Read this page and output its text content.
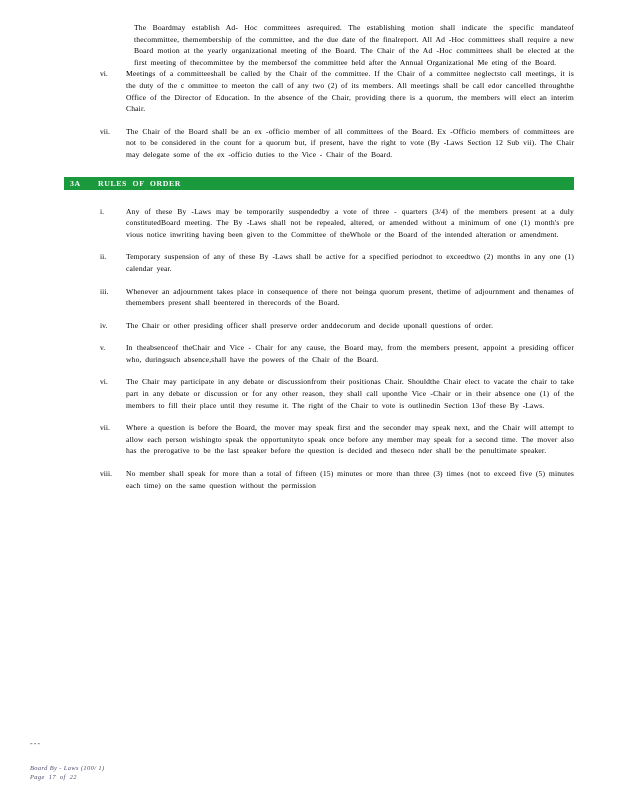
The Boardmay establish Ad- Hoc committees asrequired. The establishing motion shall indicate the specific mandateof thecommittee, themembership of the committee, and the due date of the finalreport. All Ad -Hoc committees shall require a new Board motion at the yearly organizational meeting of the Board. The Chair of the Ad -Hoc committees shall be elected at the first meeting of thecommittee by the membersof the committee held after the Annual Organizational Me eting of the Board.
vi.	Meetings of a committeeshall be called by the Chair of the committee. If the Chair of a committee neglectsto call meetings, it is the duty of the c ommittee to meeton the call of any two (2) of its members. All meetings shall be call edor cancelled throughthe Office of the Director of Education. In the absence of the Chair, providing there is a quorum, the members will elect an interim Chair.
vii.	The Chair of the Board shall be an ex -officio member of all committees of the Board. Ex -Officio members of committees are not to be considered in the count for a quorum but, if present, have the right to vote (By -Laws Section 12 Sub vii). The Chair may delegate some of the ex -officio duties to the Vice - Chair of the Board.
3A	RULES OF ORDER
i.	Any of these By -Laws may be temporarily suspendedby a vote of three - quarters (3/4) of the members present at a duly constitutedBoard meeting. The By -Laws shall not be repealed, altered, or amended without a minimum of one (1) month's pre vious notice inwriting having been given to the Committee of theWhole or the Board of the intended alteration or amendment.
ii.	Temporary suspension of any of these By -Laws shall be active for a specified periodnot to exceedtwo (2) months in any one (1) calendar year.
iii.	Whenever an adjournment takes place in consequence of there not beinga quorum present, thetime of adjournment and thenames of themembers present shall beentered in therecords of the Board.
iv.	The Chair or other presiding officer shall preserve order anddecorum and decide uponall questions of order.
v.	In theabsenceof theChair and Vice - Chair for any cause, the Board may, from the members present, appoint a presiding officer who, duringsuch absence,shall have the powers of the Chair of the Board.
vi.	The Chair may participate in any debate or discussionfrom their positionas Chair. Shouldthe Chair elect to vacate the chair to take part in any debate or discussion or for any other reason, they shall call uponthe Vice -Chair or in their absence one (1) of the members to fill their place until they resume it. The right of the Chair to vote is outlinedin Section 13of these By -Laws.
vii.	Where a question is before the Board, the mover may speak first and the seconder may speak next, and the Chair will attempt to allow each person wishingto speak the opportunityto speak once before any member may speak for a second time. The mover also has the prerogative to be the last speaker before the question is decided and theseco nder shall be the penultimate speaker.
viii.	No member shall speak for more than a total of fifteen (15) minutes or more than three (3) times (not to exceed five (5) minutes each time) on the same question without the permission
---
Board By - Laws (100/ 1)
Page 17 of 22
